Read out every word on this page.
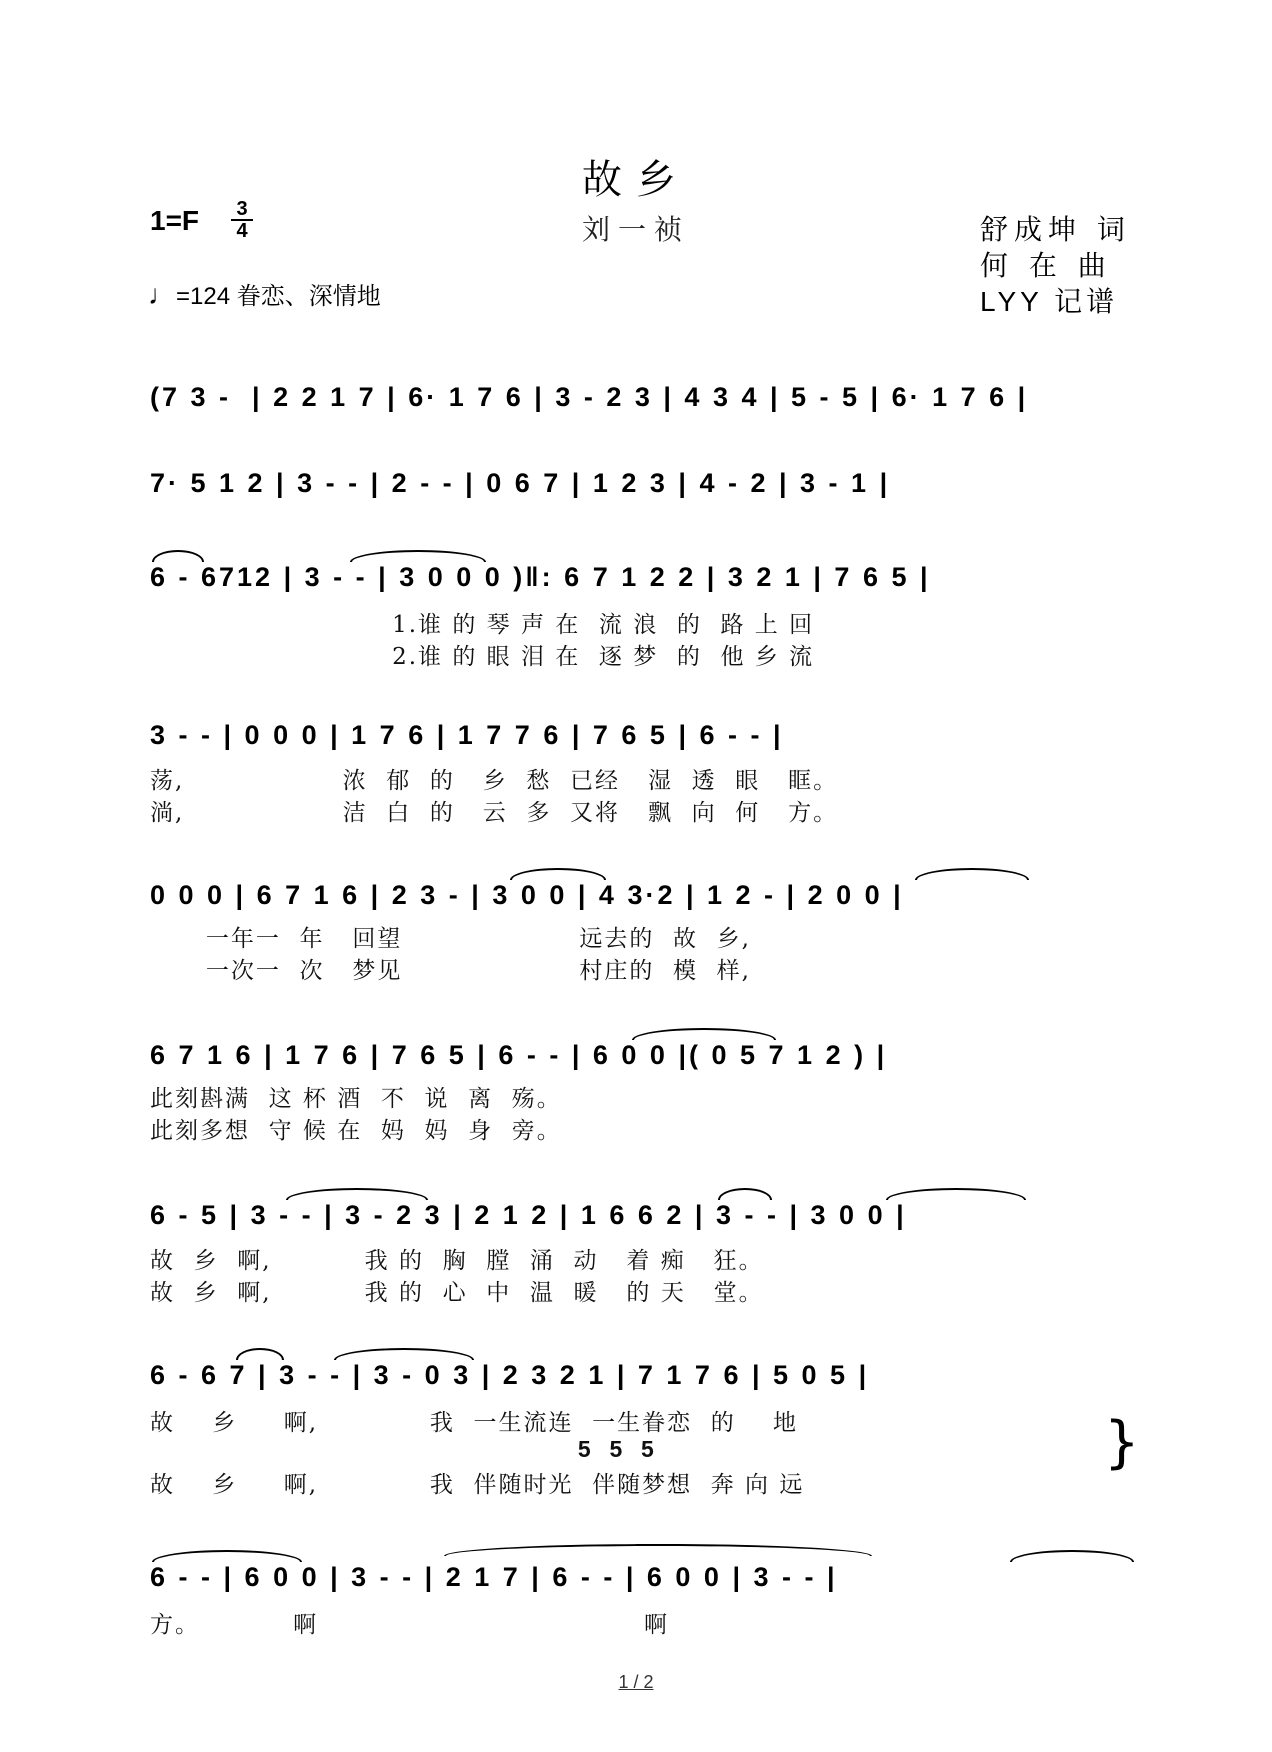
故乡
1=F 3
4	刘一祯	舒成坤 词
何 在 曲
LYY 记谱
♩=124 眷恋、深情地
(7 3 -  | 2 2 1 7 | 6· 1 7 6 | 3 - 2 3 | 4 3 4 | 5 - 5 | 6· 1 7 6 |
7· 5 1 2 | 3 - - | 2 - - | 0 6 7 | 1 2 3 | 4 - 2 | 3 - 1 |
6 - 6712 | 3 - - | 3 0 0 0 )‖: 6 7 1 2 2 | 3 2 1 | 7 6 5 |
1.谁 的 琴 声 在  流 浪  的  路 上 回
2.谁 的 眼 泪 在  逐 梦  的  他 乡 流
3 - - | 0 0 0 | 1 7 6 | 1 7 7 6 | 7 6 5 | 6 - - |
荡,                 浓  郁  的   乡  愁  已经   湿  透  眼   眶。
淌,                 洁  白  的   云  多  又将   飘  向  何   方。
0 0 0 | 6 7 1 6 | 2 3 - | 3 0 0 | 4 3·2 | 1 2 - | 2 0 0 |
一年一  年   回望                   远去的  故  乡,
一次一  次   梦见                   村庄的  模  样,
6 7 1 6 | 1 7 6 | 7 6 5 | 6 - - | 6 0 0 |( 0 5 7 1 2 ) |
此刻斟满  这 杯 酒  不  说  离  殇。
此刻多想  守 候 在  妈  妈  身  旁。
6 - 5 | 3 - - | 3 - 2 3 | 2 1 2 | 1 6 6 2 | 3 - - | 3 0 0 |
故  乡  啊,          我 的  胸  膛  涌  动   着 痴   狂。
故  乡  啊,          我 的  心  中  温  暖   的 天   堂。
6 - 6 7 | 3 - - | 3 - 0 3 | 2 3 2 1 | 7 1 7 6 | 5 0 5 |
故    乡     啊,            我  一生流连  一生眷恋  的    地
5  5  5
故    乡     啊,            我  伴随时光  伴随梦想  奔 向 远
}
6 - - | 6 0 0 | 3 - - | 2 1 7 | 6 - - | 6 0 0 | 3 - - |
方。          啊                                   啊
1 / 2
